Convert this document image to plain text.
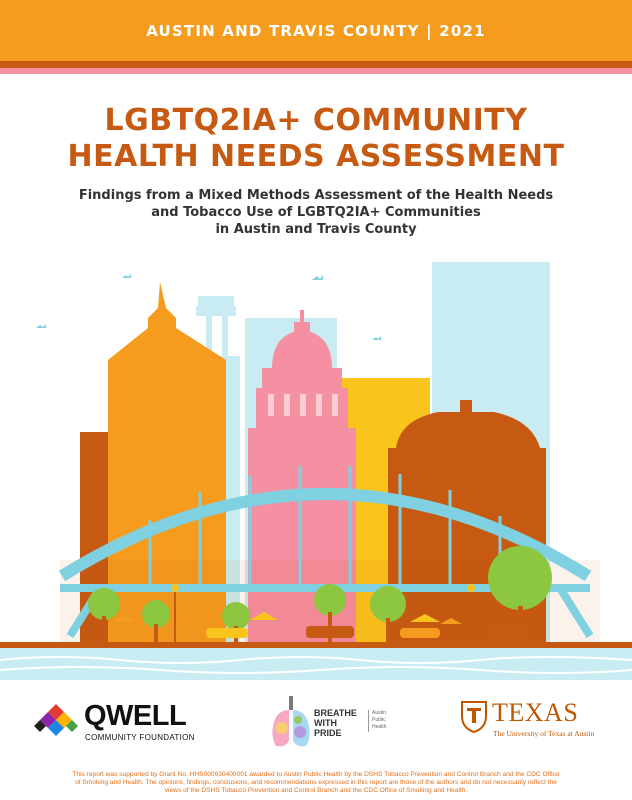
AUSTIN AND TRAVIS COUNTY | 2021
LGBTQ2IA+ COMMUNITY
HEALTH NEEDS ASSESSMENT
Findings from a Mixed Methods Assessment of the Health Needs
and Tobacco Use of LGBTQ2IA+ Communities
in Austin and Travis County
QWELL
COMMUNITY FOUNDATION
BREATHE
WITH
PRIDE
Austin
Public
Health	TEXAS
The University of Texas at Austin
This report was supported by Grant No. HHS000930400001 awarded to Austin Public Health by the DSHS Tobacco Prevention and Control Branch and the CDC Office
of Smoking and Health. The opinions, findings, conclusions, and recommendations expressed in this report are those of the authors and do not necessarily reflect the
views of the DSHS Tobacco Prevention and Control Branch and the CDC Office of Smoking and Health.
